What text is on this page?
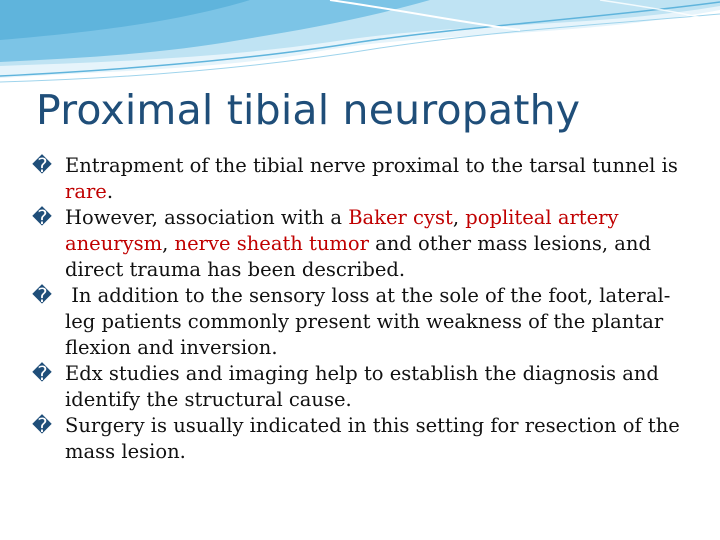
Proximal tibial neuropathy
� Entrapment of the tibial nerve proximal to the tarsal tunnel is rare.
� However, association with a Baker cyst, popliteal artery aneurysm, nerve sheath tumor and other mass lesions, and direct trauma has been described.
� In addition to the sensory loss at the sole of the foot, lateral-leg patients commonly present with weakness of the plantar flexion and inversion.
� Edx studies and imaging help to establish the diagnosis and identify the structural cause.
� Surgery is usually indicated in this setting for resection of the mass lesion.
